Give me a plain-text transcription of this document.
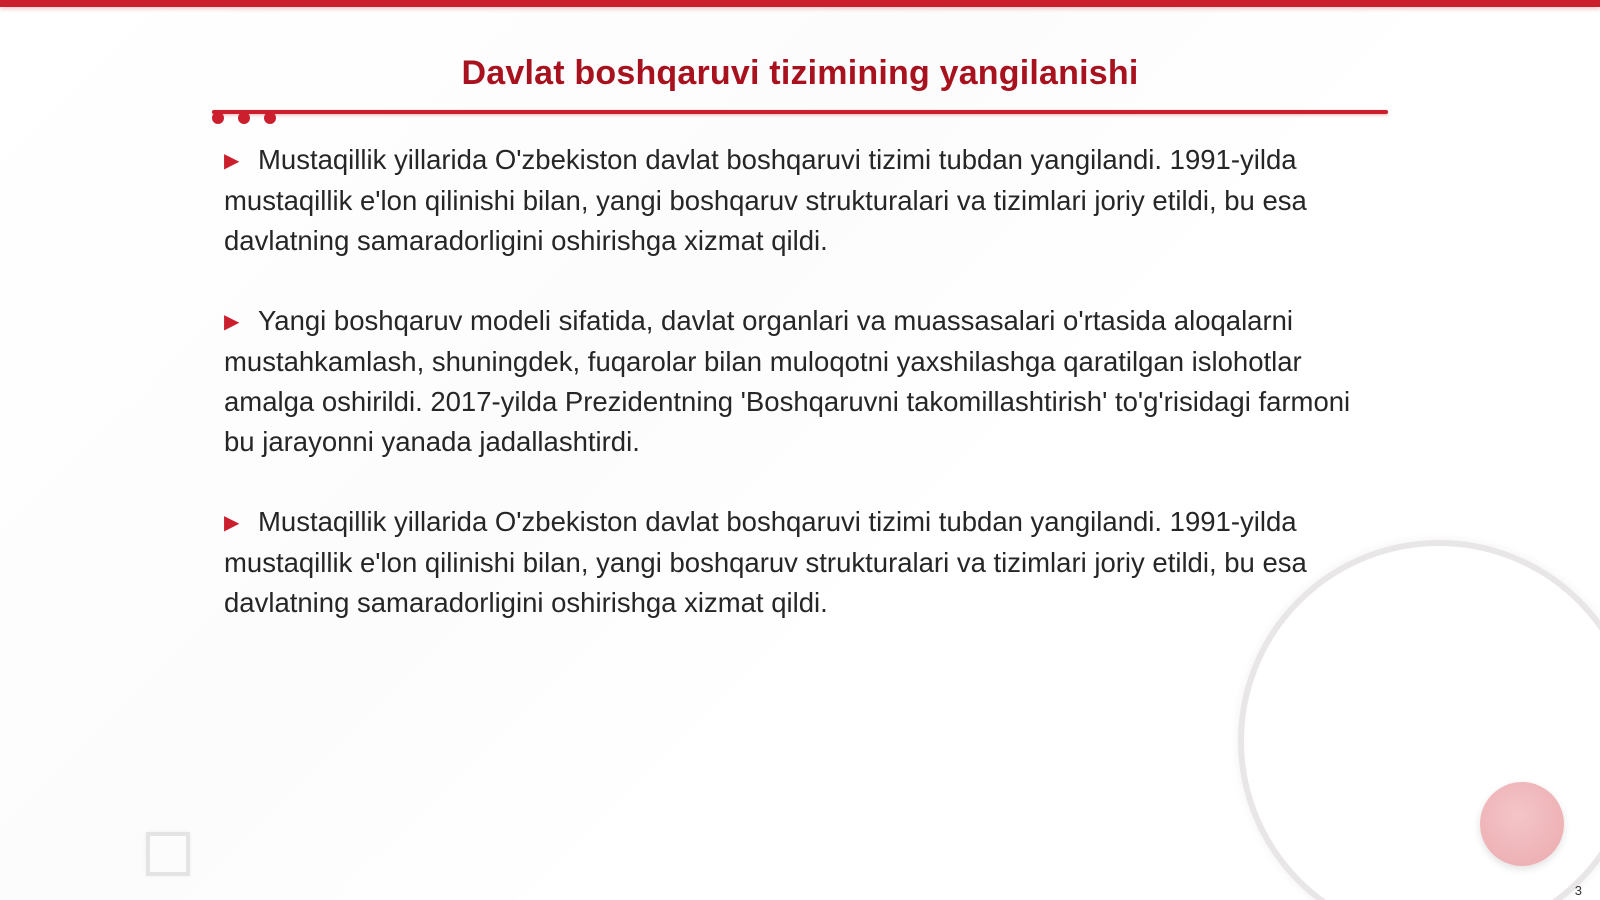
Davlat boshqaruvi tizimining yangilanishi

▶ Mustaqillik yillarida O'zbekiston davlat boshqaruvi tizimi tubdan yangilandi. 1991-yilda mustaqillik e'lon qilinishi bilan, yangi boshqaruv strukturalari va tizimlari joriy etildi, bu esa davlatning samaradorligini oshirishga xizmat qildi.

▶ Yangi boshqaruv modeli sifatida, davlat organlari va muassasalari o'rtasida aloqalarni mustahkamlash, shuningdek, fuqarolar bilan muloqotni yaxshilashga qaratilgan islohotlar amalga oshirildi. 2017-yilda Prezidentning 'Boshqaruvni takomillashtirish' to'g'risidagi farmoni bu jarayonni yanada jadallashtirdi.

▶ Mustaqillik yillarida O'zbekiston davlat boshqaruvi tizimi tubdan yangilandi. 1991-yilda mustaqillik e'lon qilinishi bilan, yangi boshqaruv strukturalari va tizimlari joriy etildi, bu esa davlatning samaradorligini oshirishga xizmat qildi.

3
